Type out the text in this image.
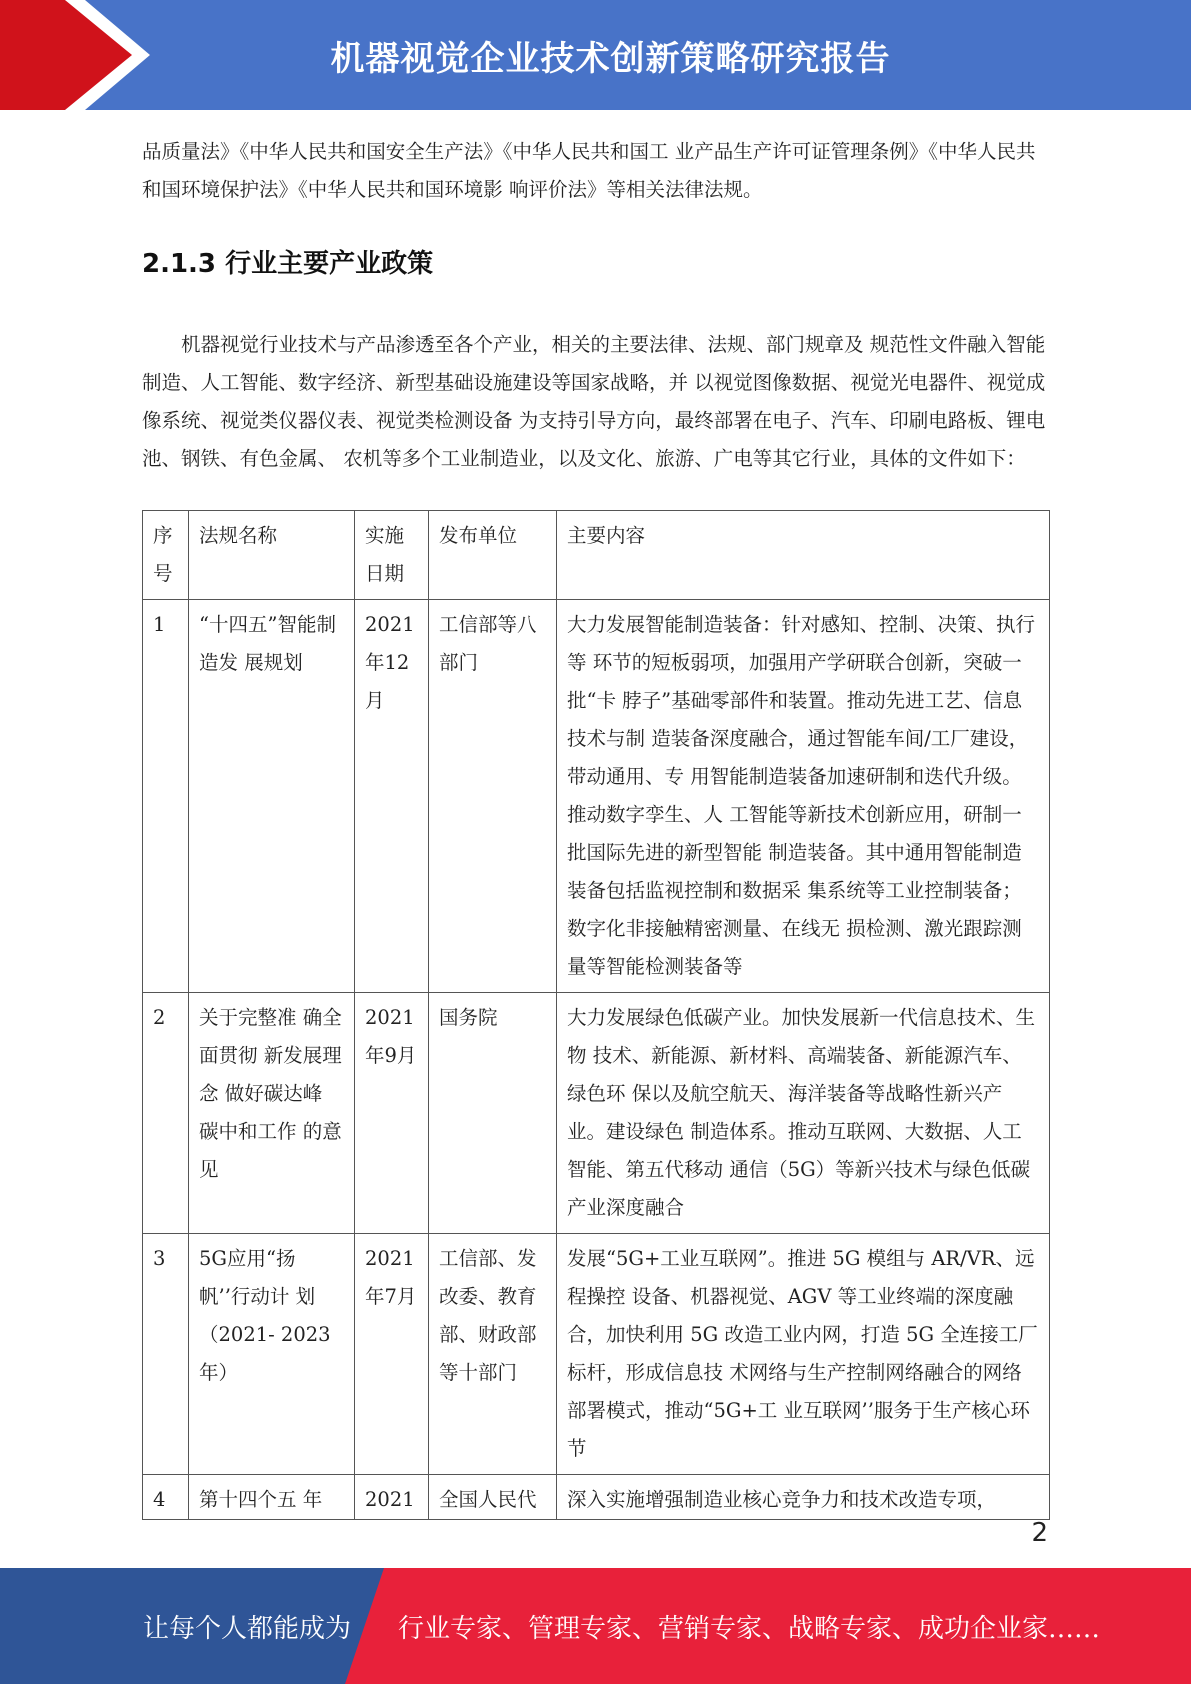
机器视觉企业技术创新策略研究报告

品质量法》《中华人民共和国安全生产法》《中华人民共和国工 业产品生产许可证管理条例》《中华人民共和国环境保护法》《中华人民共和国环境影 响评价法》等相关法律法规。

2.1.3 行业主要产业政策

机器视觉行业技术与产品渗透至各个产业，相关的主要法律、法规、部门规章及 规范性文件融入智能制造、人工智能、数字经济、新型基础设施建设等国家战略，并 以视觉图像数据、视觉光电器件、视觉成像系统、视觉类仪器仪表、视觉类检测设备 为支持引导方向，最终部署在电子、汽车、印刷电路板、锂电池、钢铁、有色金属、 农机等多个工业制造业，以及文化、旅游、广电等其它行业，具体的文件如下：

序号	法规名称	实施日期	发布单位	主要内容
1	“十四五”智能制造发 展规划	2021年12月	工信部等八部门	大力发展智能制造装备：针对感知、控制、决策、执行等 环节的短板弱项，加强用产学研联合创新，突破一批“卡 脖子”基础零部件和装置。推动先进工艺、信息技术与制 造装备深度融合，通过智能车间/工厂建设，带动通用、专 用智能制造装备加速研制和迭代升级。推动数字孪生、人 工智能等新技术创新应用，研制一批国际先进的新型智能 制造装备。其中通用智能制造装备包括监视控制和数据采 集系统等工业控制装备；数字化非接触精密测量、在线无 损检测、激光跟踪测量等智能检测装备等
2	关于完整准 确全面贯彻 新发展理念 做好碳达峰 碳中和工作 的意见	2021年9月	国务院	大力发展绿色低碳产业。加快发展新一代信息技术、生物 技术、新能源、新材料、高端装备、新能源汽车、绿色环 保以及航空航天、海洋装备等战略性新兴产业。建设绿色 制造体系。推动互联网、大数据、人工智能、第五代移动 通信（5G）等新兴技术与绿色低碳产业深度融合
3	5G应用“扬 帆’’行动计 划（2021- 2023年）	2021年7月	工信部、发改委、教育部、财政部等十部门	发展“5G+工业互联网”。推进 5G 模组与 AR/VR、远程操控 设备、机器视觉、AGV 等工业终端的深度融合，加快利用 5G 改造工业内网，打造 5G 全连接工厂标杆，形成信息技 术网络与生产控制网络融合的网络部署模式，推动“5G+工 业互联网’’服务于生产核心环节
4	第十四个五 年	2021	全国人民代	深入实施增强制造业核心竞争力和技术改造专项，
2
让每个人都能成为 行业专家、管理专家、营销专家、战略专家、成功企业家……
